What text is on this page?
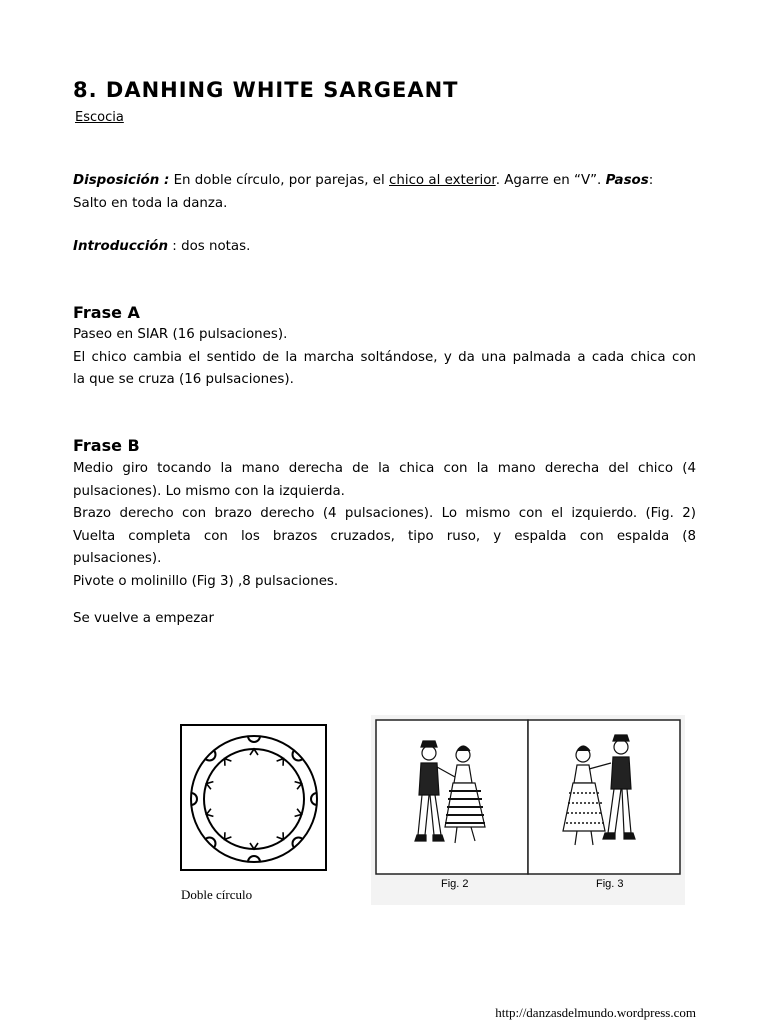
8. DANHING WHITE SARGEANT
Escocia
Disposición : En doble círculo, por parejas, el chico al exterior. Agarre en “V”. Pasos:
Salto en toda la danza.
Introducción : dos notas.
Frase A
Paseo en SIAR (16 pulsaciones).
El chico cambia el sentido de la marcha soltándose, y da una palmada a cada chica con
la que se cruza (16 pulsaciones).
Frase B
Medio giro tocando la mano derecha de la chica con la mano derecha del chico (4
pulsaciones). Lo mismo con la izquierda.
Brazo derecho con brazo derecho (4 pulsaciones). Lo mismo con el izquierdo. (Fig. 2)
Vuelta completa con los brazos cruzados, tipo ruso, y espalda con espalda (8
pulsaciones).
Pivote o molinillo (Fig 3) ,8 pulsaciones.
Se vuelve a empezar
Doble círculo
Fig. 2	Fig. 3
http://danzasdelmundo.wordpress.com
